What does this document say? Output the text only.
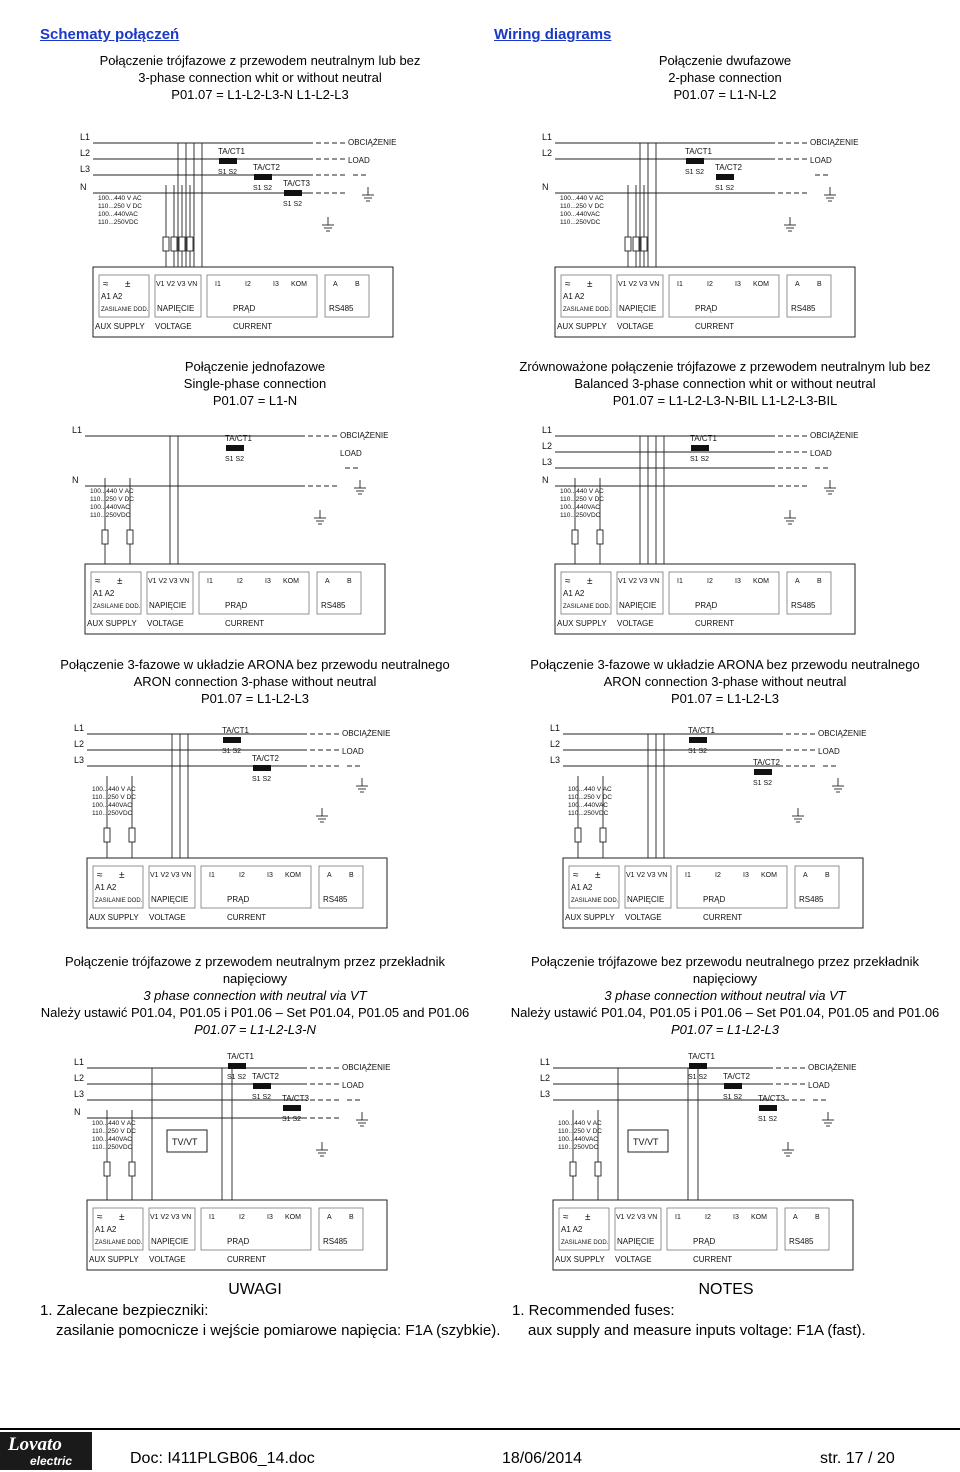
Schematy połączeń	Wiring diagrams
Połączenie trójfazowe z przewodem neutralnym lub bez
3-phase connection whit or without neutral
P01.07 = L1-L2-L3-N L1-L2-L3
Połączenie dwufazowe
2-phase connection
P01.07 = L1-N-L2
Połączenie jednofazowe
Single-phase connection
P01.07 = L1-N
Zrównoważone połączenie trójfazowe z przewodem neutralnym lub bez
Balanced 3-phase connection whit or without neutral
P01.07 = L1-L2-L3-N-BIL L1-L2-L3-BIL
Połączenie 3-fazowe w układzie ARONA bez przewodu neutralnego
ARON connection 3-phase without neutral
P01.07 = L1-L2-L3
Połączenie 3-fazowe w układzie ARONA bez przewodu neutralnego
ARON connection 3-phase without neutral
P01.07 = L1-L2-L3
Połączenie trójfazowe z przewodem neutralnym przez przekładnik
napięciowy
3 phase connection with neutral via VT
Należy ustawić P01.04, P01.05 i P01.06 – Set P01.04, P01.05 and P01.06
P01.07 = L1-L2-L3-N
Połączenie trójfazowe bez przewodu neutralnego przez przekładnik
napięciowy
3 phase connection without neutral via VT
Należy ustawić P01.04, P01.05 i P01.06 – Set P01.04, P01.05 and P01.06
P01.07 = L1-L2-L3
L1
L2
L3
N
OBCIĄŻENIE
LOAD
TA/CT1
S1 S2
TA/CT2
S1 S2
TA/CT3
S1 S2
100...440 V AC
110...250 V DC
100...440VAC
110...250VDC
V1 V2 V3 VN	I1	I2	I3 KOM	A B
≈ ±
A1 A2
ZASILANIE DOD. NAPIĘCIE	PRĄD	RS485
AUX SUPPLY VOLTAGE	CURRENT
L1
L2
N
OBCIĄŻENIE
LOAD
TA/CT1
S1 S2
TA/CT2
S1 S2
100...440 V AC
110...250 V DC
100...440VAC
110...250VDC
V1 V2 V3 VN	I1	I2	I3 KOM	A B
≈ ±
A1 A2
ZASILANIE DOD. NAPIĘCIE	PRĄD	RS485
AUX SUPPLY VOLTAGE	CURRENT
L1
N
OBCIĄŻENIE
LOAD
TA/CT1
S1 S2
100...440 V AC
110...250 V DC
100...440VAC
110...250VDC
V1 V2 V3 VN	I1	I2	I3 KOM	A B
≈ ±
A1 A2
ZASILANIE DOD. NAPIĘCIE	PRĄD	RS485
AUX SUPPLY VOLTAGE	CURRENT
L1
L2
L3
N
OBCIĄŻENIE
LOAD
TA/CT1
S1 S2
100...440 V AC
110...250 V DC
100...440VAC
110...250VDC
V1 V2 V3 VN	I1	I2	I3 KOM	A B
≈ ±
A1 A2
ZASILANIE DOD. NAPIĘCIE	PRĄD	RS485
AUX SUPPLY VOLTAGE	CURRENT
L1
L2
L3
OBCIĄŻENIE
LOAD
TA/CT1
S1 S2
TA/CT2
S1 S2
100...440 V AC
110...250 V DC
100...440VAC
110...250VDC
V1 V2 V3 VN	I1	I2	I3 KOM	A B
≈ ±
A1 A2
ZASILANIE DOD. NAPIĘCIE	PRĄD	RS485
AUX SUPPLY VOLTAGE	CURRENT
L1
L2
L3
OBCIĄŻENIE
LOAD
TA/CT1
S1 S2
TA/CT2
S1 S2
100...440 V AC
110...250 V DC
100...440VAC
110...250VDC
V1 V2 V3 VN	I1	I2	I3 KOM	A B
≈ ±
A1 A2
ZASILANIE DOD. NAPIĘCIE	PRĄD	RS485
AUX SUPPLY VOLTAGE	CURRENT
L1
L2
L3
N
OBCIĄŻENIE
LOAD
TA/CT1
S1 S2 TA/CT2
S1 S2 TA/CT3
S1 S2
100...440 V AC
110...250 V DC
100...440VAC
110...250VDC
TV/VT
V1 V2 V3 VN	I1	I2	I3 KOM	A B
≈ ±
A1 A2
ZASILANIE DOD. NAPIĘCIE	PRĄD	RS485
AUX SUPPLY VOLTAGE	CURRENT
L1
L2
L3
OBCIĄŻENIE
LOAD
TA/CT1
S1 S2 TA/CT2
S1 S2 TA/CT3
S1 S2
100...440 V AC
110...250 V DC
100...440VAC
110...250VDC
TV/VT
V1 V2 V3 VN	I1	I2	I3 KOM	A B
≈ ±
A1 A2
ZASILANIE DOD. NAPIĘCIE	PRĄD	RS485
AUX SUPPLY VOLTAGE	CURRENT
UWAGI
1. Zalecane bezpieczniki:
zasilanie pomocnicze i wejście pomiarowe napięcia: F1A (szybkie).
NOTES
1. Recommended fuses:
aux supply and measure inputs voltage: F1A (fast).
Lovato
electric	Doc: I411PLGB06_14.doc	18/06/2014	str. 17 / 20
